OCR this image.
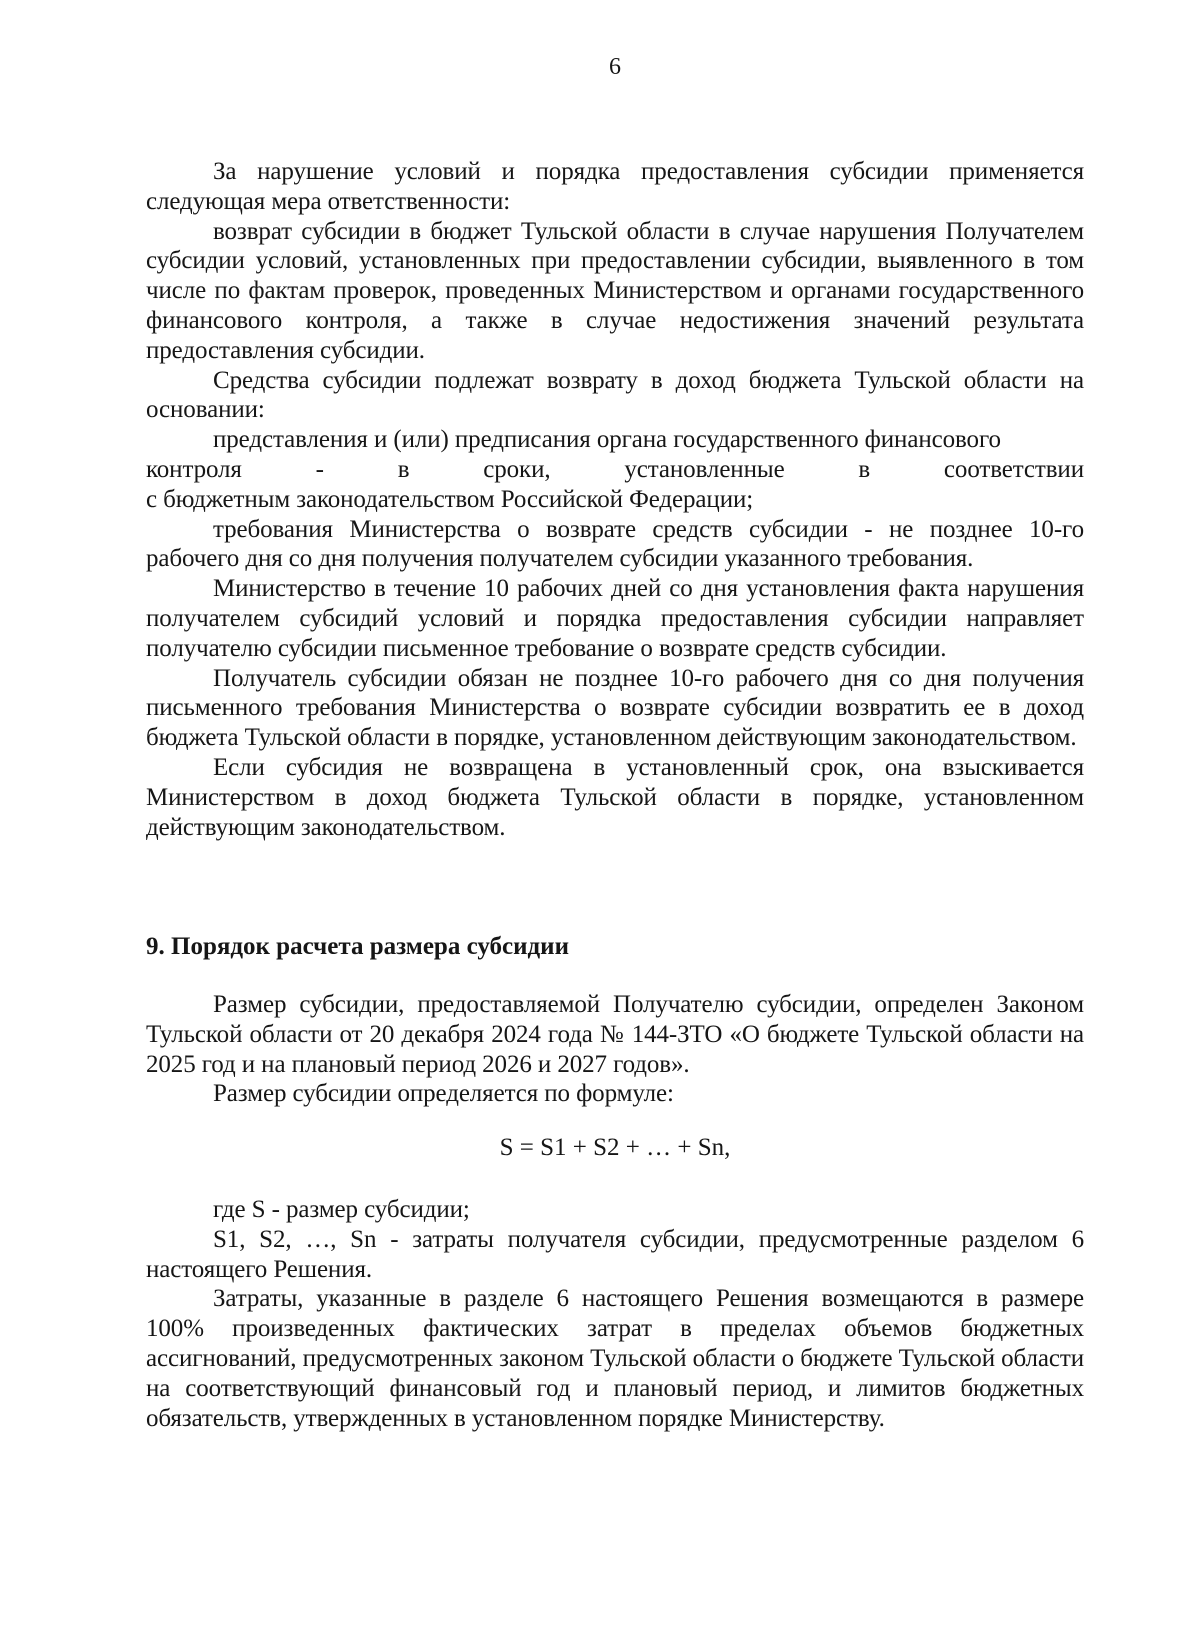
6

За нарушение условий и порядка предоставления субсидии применяется следующая мера ответственности:

возврат субсидии в бюджет Тульской области в случае нарушения Получателем субсидии условий, установленных при предоставлении субсидии, выявленного в том числе по фактам проверок, проведенных Министерством и органами государственного финансового контроля, а также в случае недостижения значений результата предоставления субсидии.

Средства субсидии подлежат возврату в доход бюджета Тульской области на основании:

представления и (или) предписания органа государственного финансового

контроля - в сроки, установленные в соответствии

с бюджетным законодательством Российской Федерации;

требования Министерства о возврате средств субсидии - не позднее 10-го рабочего дня со дня получения получателем субсидии указанного требования.

Министерство в течение 10 рабочих дней со дня установления факта нарушения получателем субсидий условий и порядка предоставления субсидии направляет получателю субсидии письменное требование о возврате средств субсидии.

Получатель субсидии обязан не позднее 10-го рабочего дня со дня получения письменного требования Министерства о возврате субсидии возвратить ее в доход бюджета Тульской области в порядке, установленном действующим законодательством.

Если субсидия не возвращена в установленный срок, она взыскивается Министерством в доход бюджета Тульской области в порядке, установленном действующим законодательством.

9. Порядок расчета размера субсидии

Размер субсидии, предоставляемой Получателю субсидии, определен Законом Тульской области от 20 декабря 2024 года № 144-ЗТО «О бюджете Тульской области на 2025 год и на плановый период 2026 и 2027 годов».

Размер субсидии определяется по формуле:

S = S1 + S2 + … + Sn,

где S - размер субсидии;

S1, S2, …, Sn - затраты получателя субсидии, предусмотренные разделом 6 настоящего Решения.

Затраты, указанные в разделе 6 настоящего Решения возмещаются в размере 100% произведенных фактических затрат в пределах объемов бюджетных ассигнований, предусмотренных законом Тульской области о бюджете Тульской области на соответствующий финансовый год и плановый период, и лимитов бюджетных обязательств, утвержденных в установленном порядке Министерству.
